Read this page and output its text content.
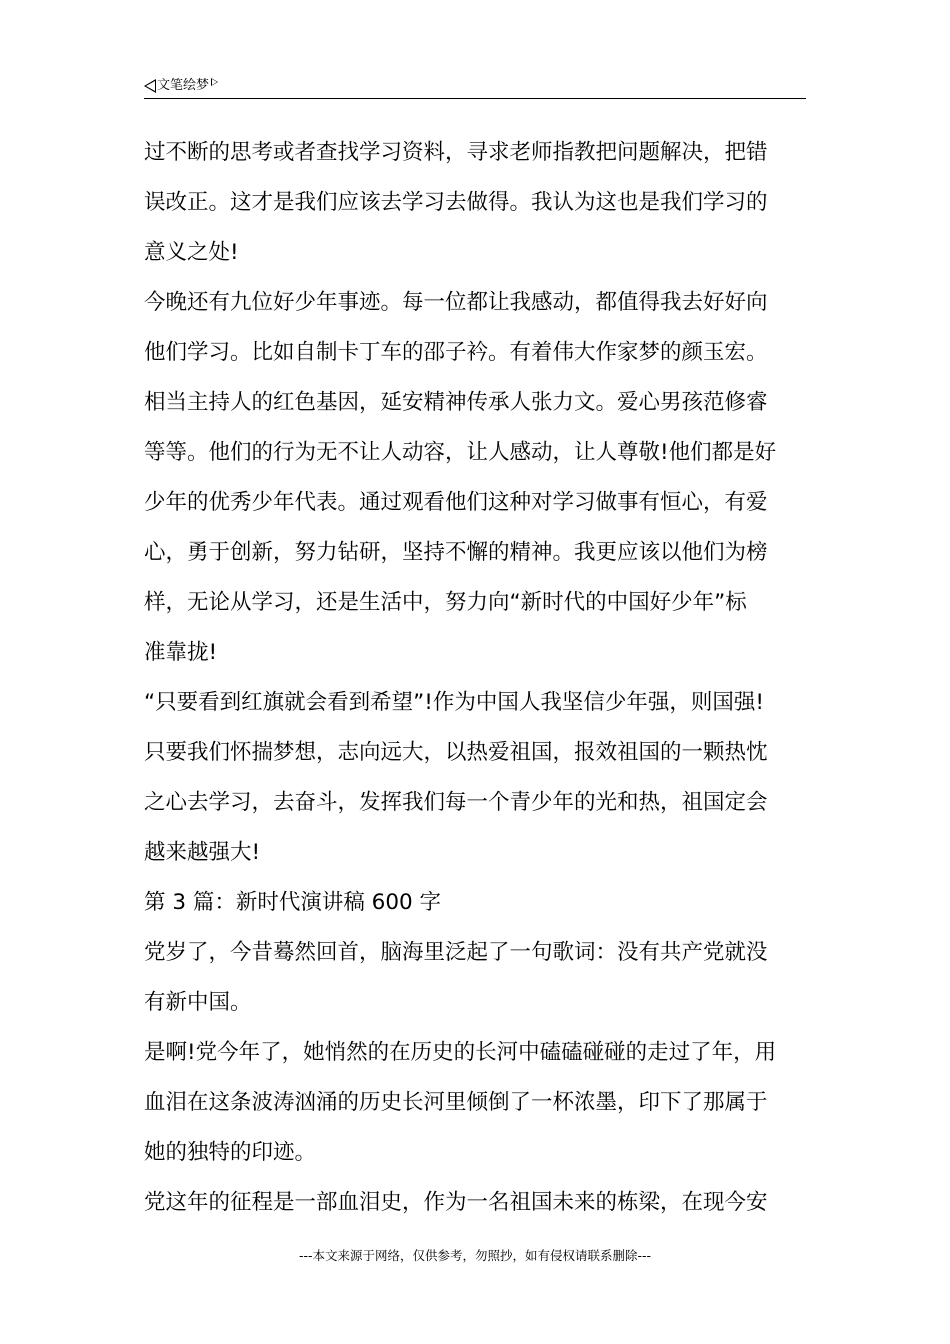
文笔绘梦
过不断的思考或者查找学习资料，寻求老师指教把问题解决，把错
误改正。这才是我们应该去学习去做得。我认为这也是我们学习的
意义之处!
今晚还有九位好少年事迹。每一位都让我感动，都值得我去好好向
他们学习。比如自制卡丁车的邵子衿。有着伟大作家梦的颜玉宏。
相当主持人的红色基因，延安精神传承人张力文。爱心男孩范修睿
等等。他们的行为无不让人动容，让人感动，让人尊敬!他们都是好
少年的优秀少年代表。通过观看他们这种对学习做事有恒心，有爱
心，勇于创新，努力钻研，坚持不懈的精神。我更应该以他们为榜
样，无论从学习，还是生活中，努力向“新时代的中国好少年”标
准靠拢!
“只要看到红旗就会看到希望”!作为中国人我坚信少年强，则国强!
只要我们怀揣梦想，志向远大，以热爱祖国，报效祖国的一颗热忱
之心去学习，去奋斗，发挥我们每一个青少年的光和热，祖国定会
越来越强大!
第 3 篇：新时代演讲稿 600 字
党岁了，今昔蓦然回首，脑海里泛起了一句歌词：没有共产党就没
有新中国。
是啊!党今年了，她悄然的在历史的长河中磕磕碰碰的走过了年，用
血泪在这条波涛汹涌的历史长河里倾倒了一杯浓墨，印下了那属于
她的独特的印迹。
党这年的征程是一部血泪史，作为一名祖国未来的栋梁，在现今安
---本文来源于网络，仅供参考，勿照抄，如有侵权请联系删除---
